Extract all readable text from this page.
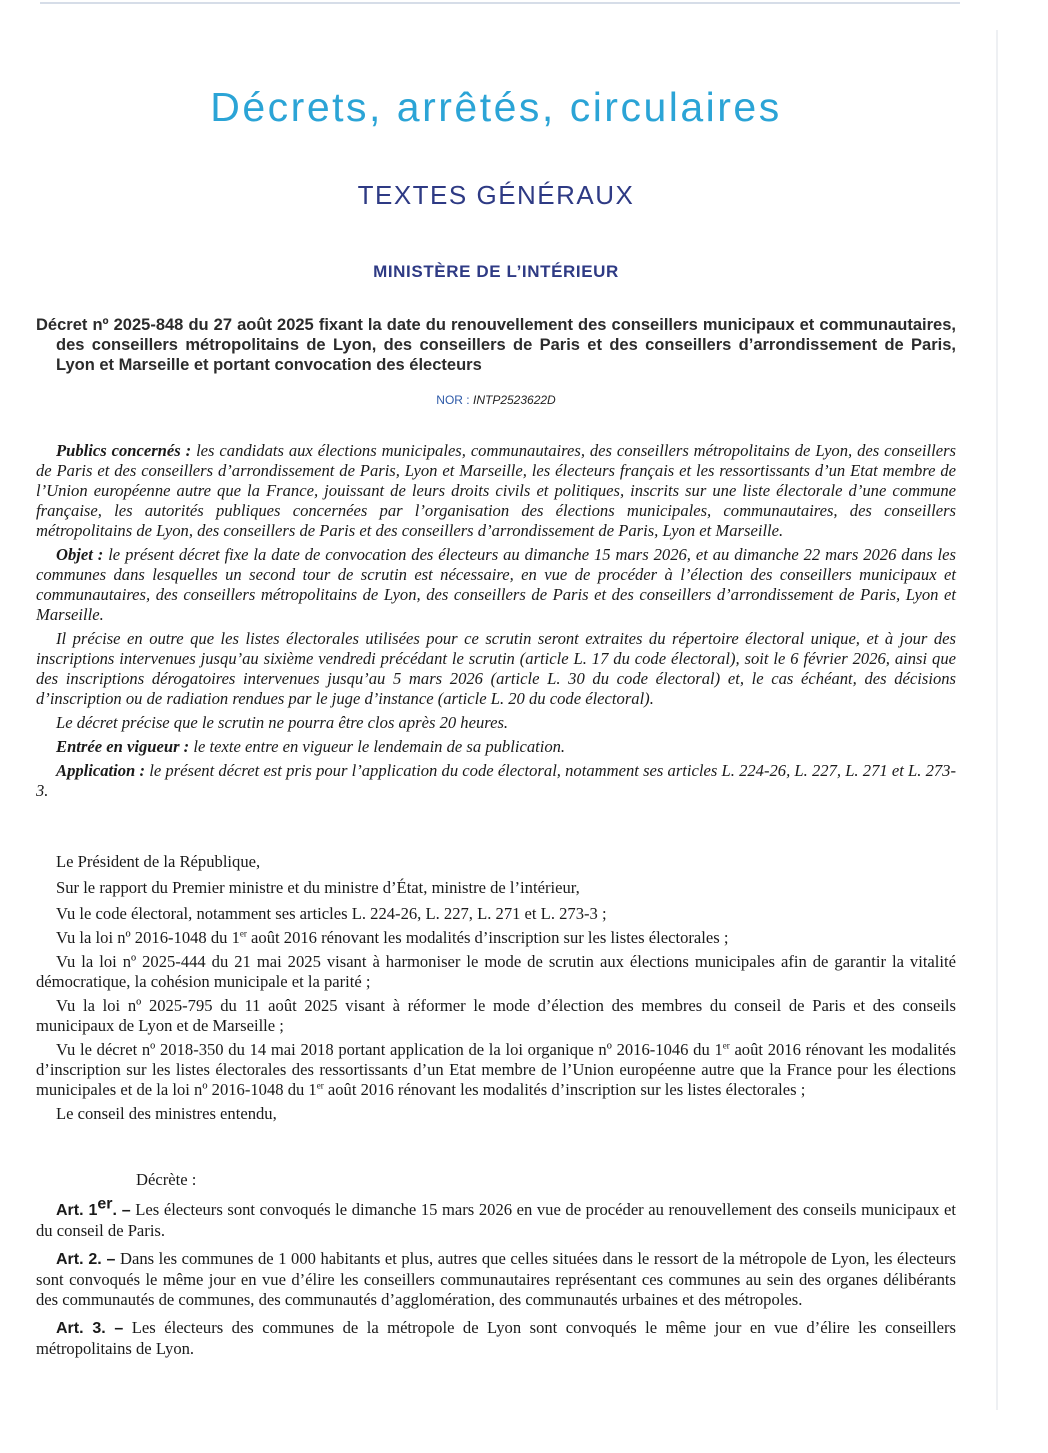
Décrets, arrêtés, circulaires
TEXTES GÉNÉRAUX
MINISTÈRE DE L’INTÉRIEUR
Décret nº 2025-848 du 27 août 2025 fixant la date du renouvellement des conseillers municipaux et communautaires, des conseillers métropolitains de Lyon, des conseillers de Paris et des conseillers d’arrondissement de Paris, Lyon et Marseille et portant convocation des électeurs
NOR : INTP2523622D

Publics concernés : les candidats aux élections municipales, communautaires, des conseillers métropolitains de Lyon, des conseillers de Paris et des conseillers d’arrondissement de Paris, Lyon et Marseille, les électeurs français et les ressortissants d’un Etat membre de l’Union européenne autre que la France, jouissant de leurs droits civils et politiques, inscrits sur une liste électorale d’une commune française, les autorités publiques concernées par l’organisation des élections municipales, communautaires, des conseillers métropolitains de Lyon, des conseillers de Paris et des conseillers d’arrondissement de Paris, Lyon et Marseille.

Objet : le présent décret fixe la date de convocation des électeurs au dimanche 15 mars 2026, et au dimanche 22 mars 2026 dans les communes dans lesquelles un second tour de scrutin est nécessaire, en vue de procéder à l’élection des conseillers municipaux et communautaires, des conseillers métropolitains de Lyon, des conseillers de Paris et des conseillers d’arrondissement de Paris, Lyon et Marseille.

Il précise en outre que les listes électorales utilisées pour ce scrutin seront extraites du répertoire électoral unique, et à jour des inscriptions intervenues jusqu’au sixième vendredi précédant le scrutin (article L. 17 du code électoral), soit le 6 février 2026, ainsi que des inscriptions dérogatoires intervenues jusqu’au 5 mars 2026 (article L. 30 du code électoral) et, le cas échéant, des décisions d’inscription ou de radiation rendues par le juge d’instance (article L. 20 du code électoral).

Le décret précise que le scrutin ne pourra être clos après 20 heures.

Entrée en vigueur : le texte entre en vigueur le lendemain de sa publication.

Application : le présent décret est pris pour l’application du code électoral, notamment ses articles L. 224-26, L. 227, L. 271 et L. 273-3.

Le Président de la République,

Sur le rapport du Premier ministre et du ministre d’État, ministre de l’intérieur,

Vu le code électoral, notamment ses articles L. 224-26, L. 227, L. 271 et L. 273-3 ;

Vu la loi nº 2016-1048 du 1er août 2016 rénovant les modalités d’inscription sur les listes électorales ;

Vu la loi nº 2025-444 du 21 mai 2025 visant à harmoniser le mode de scrutin aux élections municipales afin de garantir la vitalité démocratique, la cohésion municipale et la parité ;

Vu la loi nº 2025-795 du 11 août 2025 visant à réformer le mode d’élection des membres du conseil de Paris et des conseils municipaux de Lyon et de Marseille ;

Vu le décret nº 2018-350 du 14 mai 2018 portant application de la loi organique nº 2016-1046 du 1er août 2016 rénovant les modalités d’inscription sur les listes électorales des ressortissants d’un Etat membre de l’Union européenne autre que la France pour les élections municipales et de la loi nº 2016-1048 du 1er août 2016 rénovant les modalités d’inscription sur les listes électorales ;

Le conseil des ministres entendu,

Décrète :

Art. 1er. – Les électeurs sont convoqués le dimanche 15 mars 2026 en vue de procéder au renouvellement des conseils municipaux et du conseil de Paris.

Art. 2. – Dans les communes de 1 000 habitants et plus, autres que celles situées dans le ressort de la métropole de Lyon, les électeurs sont convoqués le même jour en vue d’élire les conseillers communautaires représentant ces communes au sein des organes délibérants des communautés de communes, des communautés d’agglomération, des communautés urbaines et des métropoles.

Art. 3. – Les électeurs des communes de la métropole de Lyon sont convoqués le même jour en vue d’élire les conseillers métropolitains de Lyon.
